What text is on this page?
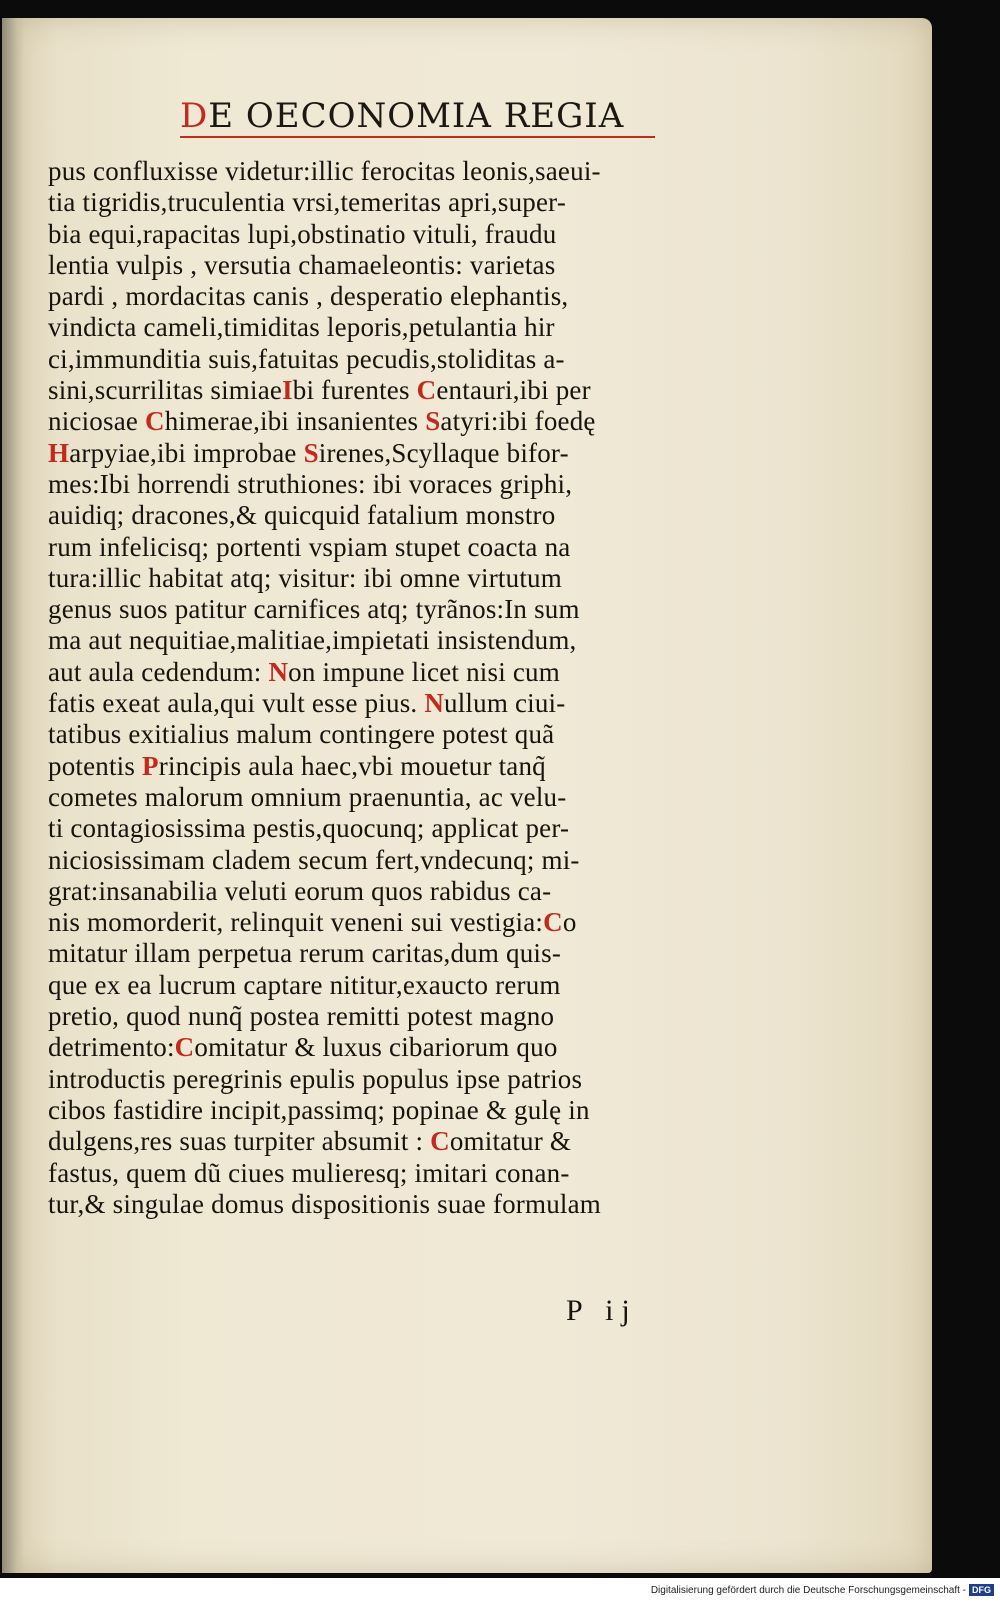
DE OECONOMIA REGIA
pus confluxisse videtur:illic ferocitas leonis,saeui-
tia tigridis,truculentia vrsi,temeritas apri,super-
bia equi,rapacitas lupi,obstinatio vituli, fraudu
lentia vulpis , versutia chamaeleontis: varietas
pardi , mordacitas canis , desperatio elephantis,
vindicta cameli,timiditas leporis,petulantia hir
ci,immunditia suis,fatuitas pecudis,stoliditas a-
sini,scurrilitas simiaeIbi furentes Centauri,ibi per
niciosae Chimerae,ibi insanientes Satyri:ibi foedę
Harpyiae,ibi improbae Sirenes,Scyllaque bifor-
mes:Ibi horrendi struthiones: ibi voraces griphi,
auidiq; dracones,& quicquid fatalium monstro
rum infelicisq; portenti vspiam stupet coacta na
tura:illic habitat atq; visitur: ibi omne virtutum
genus suos patitur carnifices atq; tyrãnos:In sum
ma aut nequitiae,malitiae,impietati insistendum,
aut aula cedendum: Non impune licet nisi cum
fatis exeat aula,qui vult esse pius. Nullum ciui-
tatibus exitialius malum contingere potest quã
potentis Principis aula haec,vbi mouetur tanq̃
cometes malorum omnium praenuntia, ac velu-
ti contagiosissima pestis,quocunq; applicat per-
niciosissimam cladem secum fert,vndecunq; mi-
grat:insanabilia veluti eorum quos rabidus ca-
nis momorderit, relinquit veneni sui vestigia:Co
mitatur illam perpetua rerum caritas,dum quis-
que ex ea lucrum captare nititur,exaucto rerum
pretio, quod nunq̃ postea remitti potest magno
detrimento:Comitatur & luxus cibariorum quo
introductis peregrinis epulis populus ipse patrios
cibos fastidire incipit,passimq; popinae & gulę in
dulgens,res suas turpiter absumit : Comitatur &
fastus, quem dũ ciues mulieresq; imitari conan-
tur,& singulae domus dispositionis suae formulam
P ij
Digitalisierung gefördert durch die Deutsche Forschungsgemeinschaft - DFG
